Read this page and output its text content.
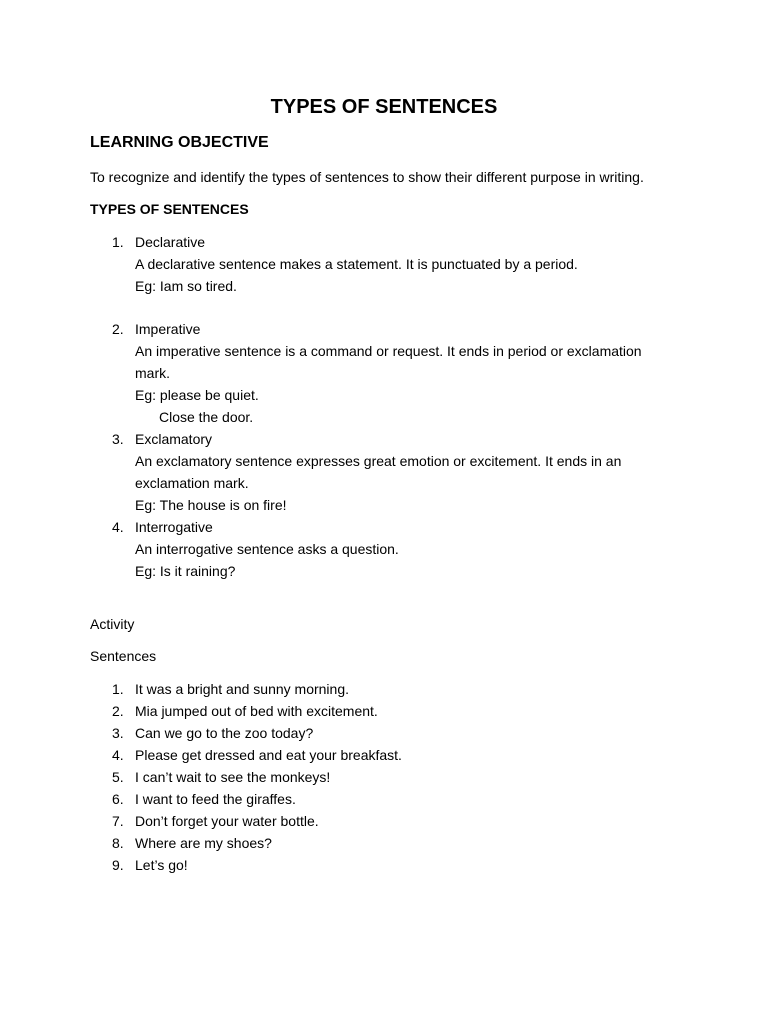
TYPES OF SENTENCES
LEARNING OBJECTIVE

To recognize and identify the types of sentences to show their different purpose in writing.

TYPES OF SENTENCES
1. Declarative
A declarative sentence makes a statement. It is punctuated by a period.
Eg: Iam so tired.
2. Imperative
An imperative sentence is a command or request. It ends in period or exclamation mark.
Eg: please be quiet.
Close the door.
3. Exclamatory
An exclamatory sentence expresses great emotion or excitement. It ends in an exclamation mark.
Eg: The house is on fire!
4. Interrogative
An interrogative sentence asks a question.
Eg: Is it raining?

Activity

Sentences

1. It was a bright and sunny morning.
2. Mia jumped out of bed with excitement.
3. Can we go to the zoo today?
4. Please get dressed and eat your breakfast.
5. I can’t wait to see the monkeys!
6. I want to feed the giraffes.
7. Don’t forget your water bottle.
8. Where are my shoes?
9. Let’s go!
